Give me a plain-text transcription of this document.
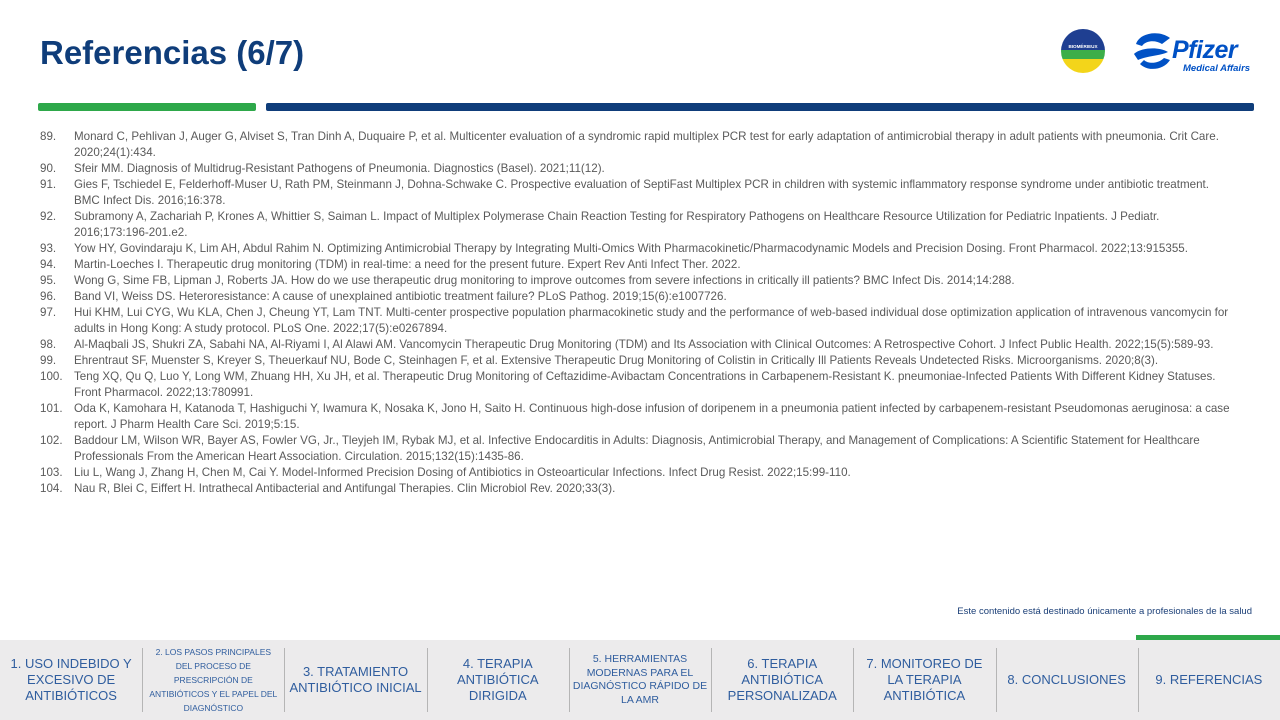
Referencias (6/7)	BIOMÉRIEUX	Pfizer
Medical Affairs
89. Monard C, Pehlivan J, Auger G, Alviset S, Tran Dinh A, Duquaire P, et al. Multicenter evaluation of a syndromic rapid multiplex PCR test for early adaptation of antimicrobial therapy in adult patients with pneumonia. Crit Care. 2020;24(1):434.
90. Sfeir MM. Diagnosis of Multidrug-Resistant Pathogens of Pneumonia. Diagnostics (Basel). 2021;11(12).
91. Gies F, Tschiedel E, Felderhoff-Muser U, Rath PM, Steinmann J, Dohna-Schwake C. Prospective evaluation of SeptiFast Multiplex PCR in children with systemic inflammatory response syndrome under antibiotic treatment. BMC Infect Dis. 2016;16:378.
92. Subramony A, Zachariah P, Krones A, Whittier S, Saiman L. Impact of Multiplex Polymerase Chain Reaction Testing for Respiratory Pathogens on Healthcare Resource Utilization for Pediatric Inpatients. J Pediatr. 2016;173:196-201.e2.
93. Yow HY, Govindaraju K, Lim AH, Abdul Rahim N. Optimizing Antimicrobial Therapy by Integrating Multi-Omics With Pharmacokinetic/Pharmacodynamic Models and Precision Dosing. Front Pharmacol. 2022;13:915355.
94. Martin-Loeches I. Therapeutic drug monitoring (TDM) in real-time: a need for the present future. Expert Rev Anti Infect Ther. 2022.
95. Wong G, Sime FB, Lipman J, Roberts JA. How do we use therapeutic drug monitoring to improve outcomes from severe infections in critically ill patients? BMC Infect Dis. 2014;14:288.
96. Band VI, Weiss DS. Heteroresistance: A cause of unexplained antibiotic treatment failure? PLoS Pathog. 2019;15(6):e1007726.
97. Hui KHM, Lui CYG, Wu KLA, Chen J, Cheung YT, Lam TNT. Multi-center prospective population pharmacokinetic study and the performance of web-based individual dose optimization application of intravenous vancomycin for adults in Hong Kong: A study protocol. PLoS One. 2022;17(5):e0267894.
98. Al-Maqbali JS, Shukri ZA, Sabahi NA, Al-Riyami I, Al Alawi AM. Vancomycin Therapeutic Drug Monitoring (TDM) and Its Association with Clinical Outcomes: A Retrospective Cohort. J Infect Public Health. 2022;15(5):589-93.
99. Ehrentraut SF, Muenster S, Kreyer S, Theuerkauf NU, Bode C, Steinhagen F, et al. Extensive Therapeutic Drug Monitoring of Colistin in Critically Ill Patients Reveals Undetected Risks. Microorganisms. 2020;8(3).
100. Teng XQ, Qu Q, Luo Y, Long WM, Zhuang HH, Xu JH, et al. Therapeutic Drug Monitoring of Ceftazidime-Avibactam Concentrations in Carbapenem-Resistant K. pneumoniae-Infected Patients With Different Kidney Statuses. Front Pharmacol. 2022;13:780991.
101. Oda K, Kamohara H, Katanoda T, Hashiguchi Y, Iwamura K, Nosaka K, Jono H, Saito H. Continuous high-dose infusion of doripenem in a pneumonia patient infected by carbapenem-resistant Pseudomonas aeruginosa: a case report. J Pharm Health Care Sci. 2019;5:15.
102. Baddour LM, Wilson WR, Bayer AS, Fowler VG, Jr., Tleyjeh IM, Rybak MJ, et al. Infective Endocarditis in Adults: Diagnosis, Antimicrobial Therapy, and Management of Complications: A Scientific Statement for Healthcare Professionals From the American Heart Association. Circulation. 2015;132(15):1435-86.
103. Liu L, Wang J, Zhang H, Chen M, Cai Y. Model-Informed Precision Dosing of Antibiotics in Osteoarticular Infections. Infect Drug Resist. 2022;15:99-110.
104. Nau R, Blei C, Eiffert H. Intrathecal Antibacterial and Antifungal Therapies. Clin Microbiol Rev. 2020;33(3).
Este contenido está destinado únicamente a profesionales de la salud
1. USO INDEBIDO Y EXCESIVO DE ANTIBIÓTICOS
2. LOS PASOS PRINCIPALES DEL PROCESO DE PRESCRIPCIÓN DE ANTIBIÓTICOS Y EL PAPEL DEL DIAGNÓSTICO
3. TRATAMIENTO ANTIBIÓTICO INICIAL
4. TERAPIA ANTIBIÓTICA DIRIGIDA
5. HERRAMIENTAS MODERNAS PARA EL DIAGNÓSTICO RÁPIDO DE LA AMR
6. TERAPIA ANTIBIÓTICA PERSONALIZADA
7. MONITOREO DE LA TERAPIA ANTIBIÓTICA
8. CONCLUSIONES	9. REFERENCIAS
